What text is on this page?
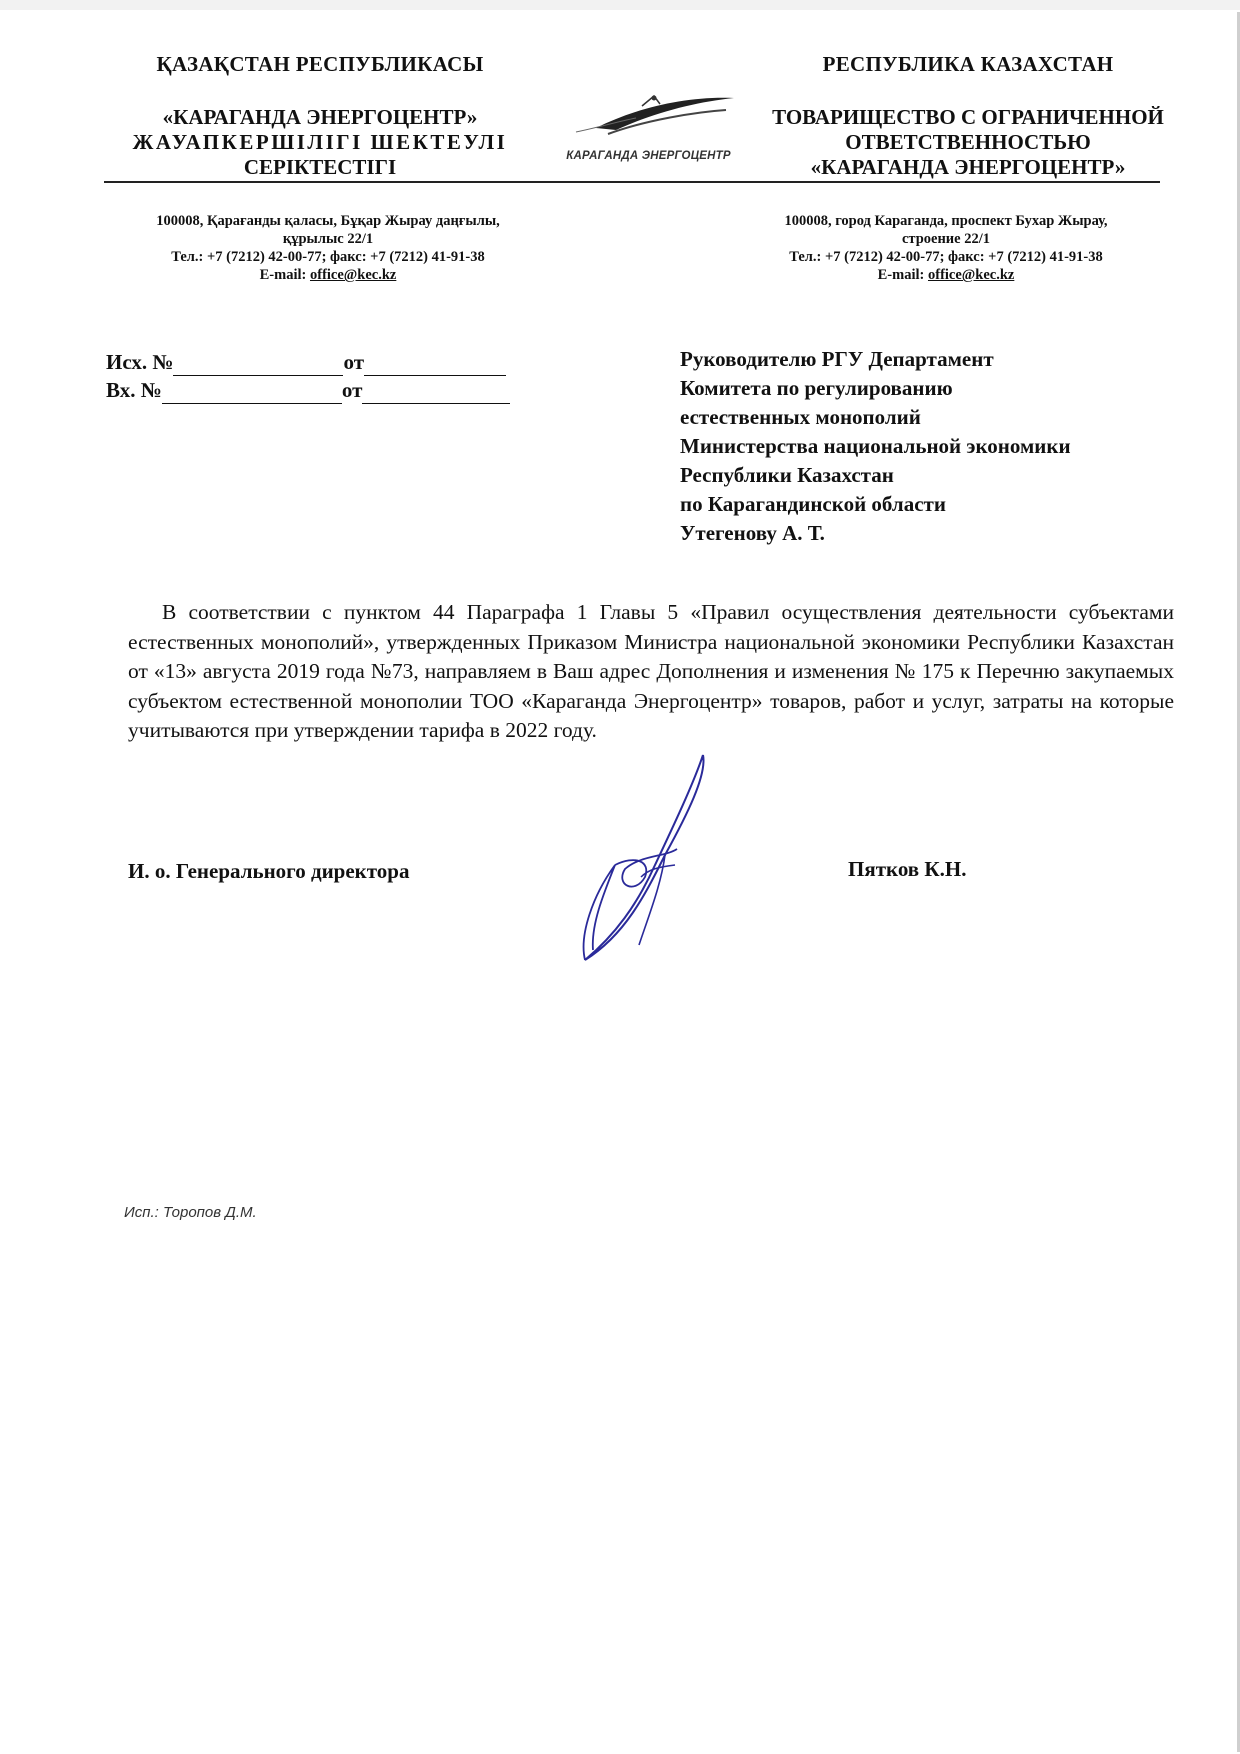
ҚАЗАҚСТАН РЕСПУБЛИКАСЫ
«КАРАГАНДА ЭНЕРГОЦЕНТР»
ЖАУАПКЕРШІЛІГІ ШЕКТЕУЛІ
СЕРІКТЕСТІГІ	КАРАГАНДА ЭНЕРГОЦЕНТР
РЕСПУБЛИКА КАЗАХСТАН
ТОВАРИЩЕСТВО С ОГРАНИЧЕННОЙ
ОТВЕТСТВЕННОСТЬЮ
«КАРАГАНДА ЭНЕРГОЦЕНТР»
100008, Қарағанды қаласы, Бұқар Жырау даңғылы,
құрылыс 22/1
Тел.: +7 (7212) 42-00-77; факс: +7 (7212) 41-91-38
E-mail: office@kec.kz
100008, город Караганда, проспект Бухар Жырау,
строение 22/1
Тел.: +7 (7212) 42-00-77; факс: +7 (7212) 41-91-38
E-mail: office@kec.kz
Исх. №	от
Вх. №	от
Руководителю РГУ Департамент
Комитета по регулированию
естественных монополий
Министерства национальной экономики
Республики Казахстан
по Карагандинской области
Утегенову А. Т.
В соответствии с пунктом 44 Параграфа 1 Главы 5 «Правил осуществления деятельности субъектами естественных монополий», утвержденных Приказом Министра национальной экономики Республики Казахстан от «13» августа 2019 года №73, направляем в Ваш адрес Дополнения и изменения № 175 к Перечню закупаемых субъектом естественной монополии ТОО «Караганда Энергоцентр» товаров, работ и услуг, затраты на которые учитываются при утверждении тарифа в 2022 году.
И. о. Генерального директора	Пятков К.Н.
Исп.: Торопов Д.М.
